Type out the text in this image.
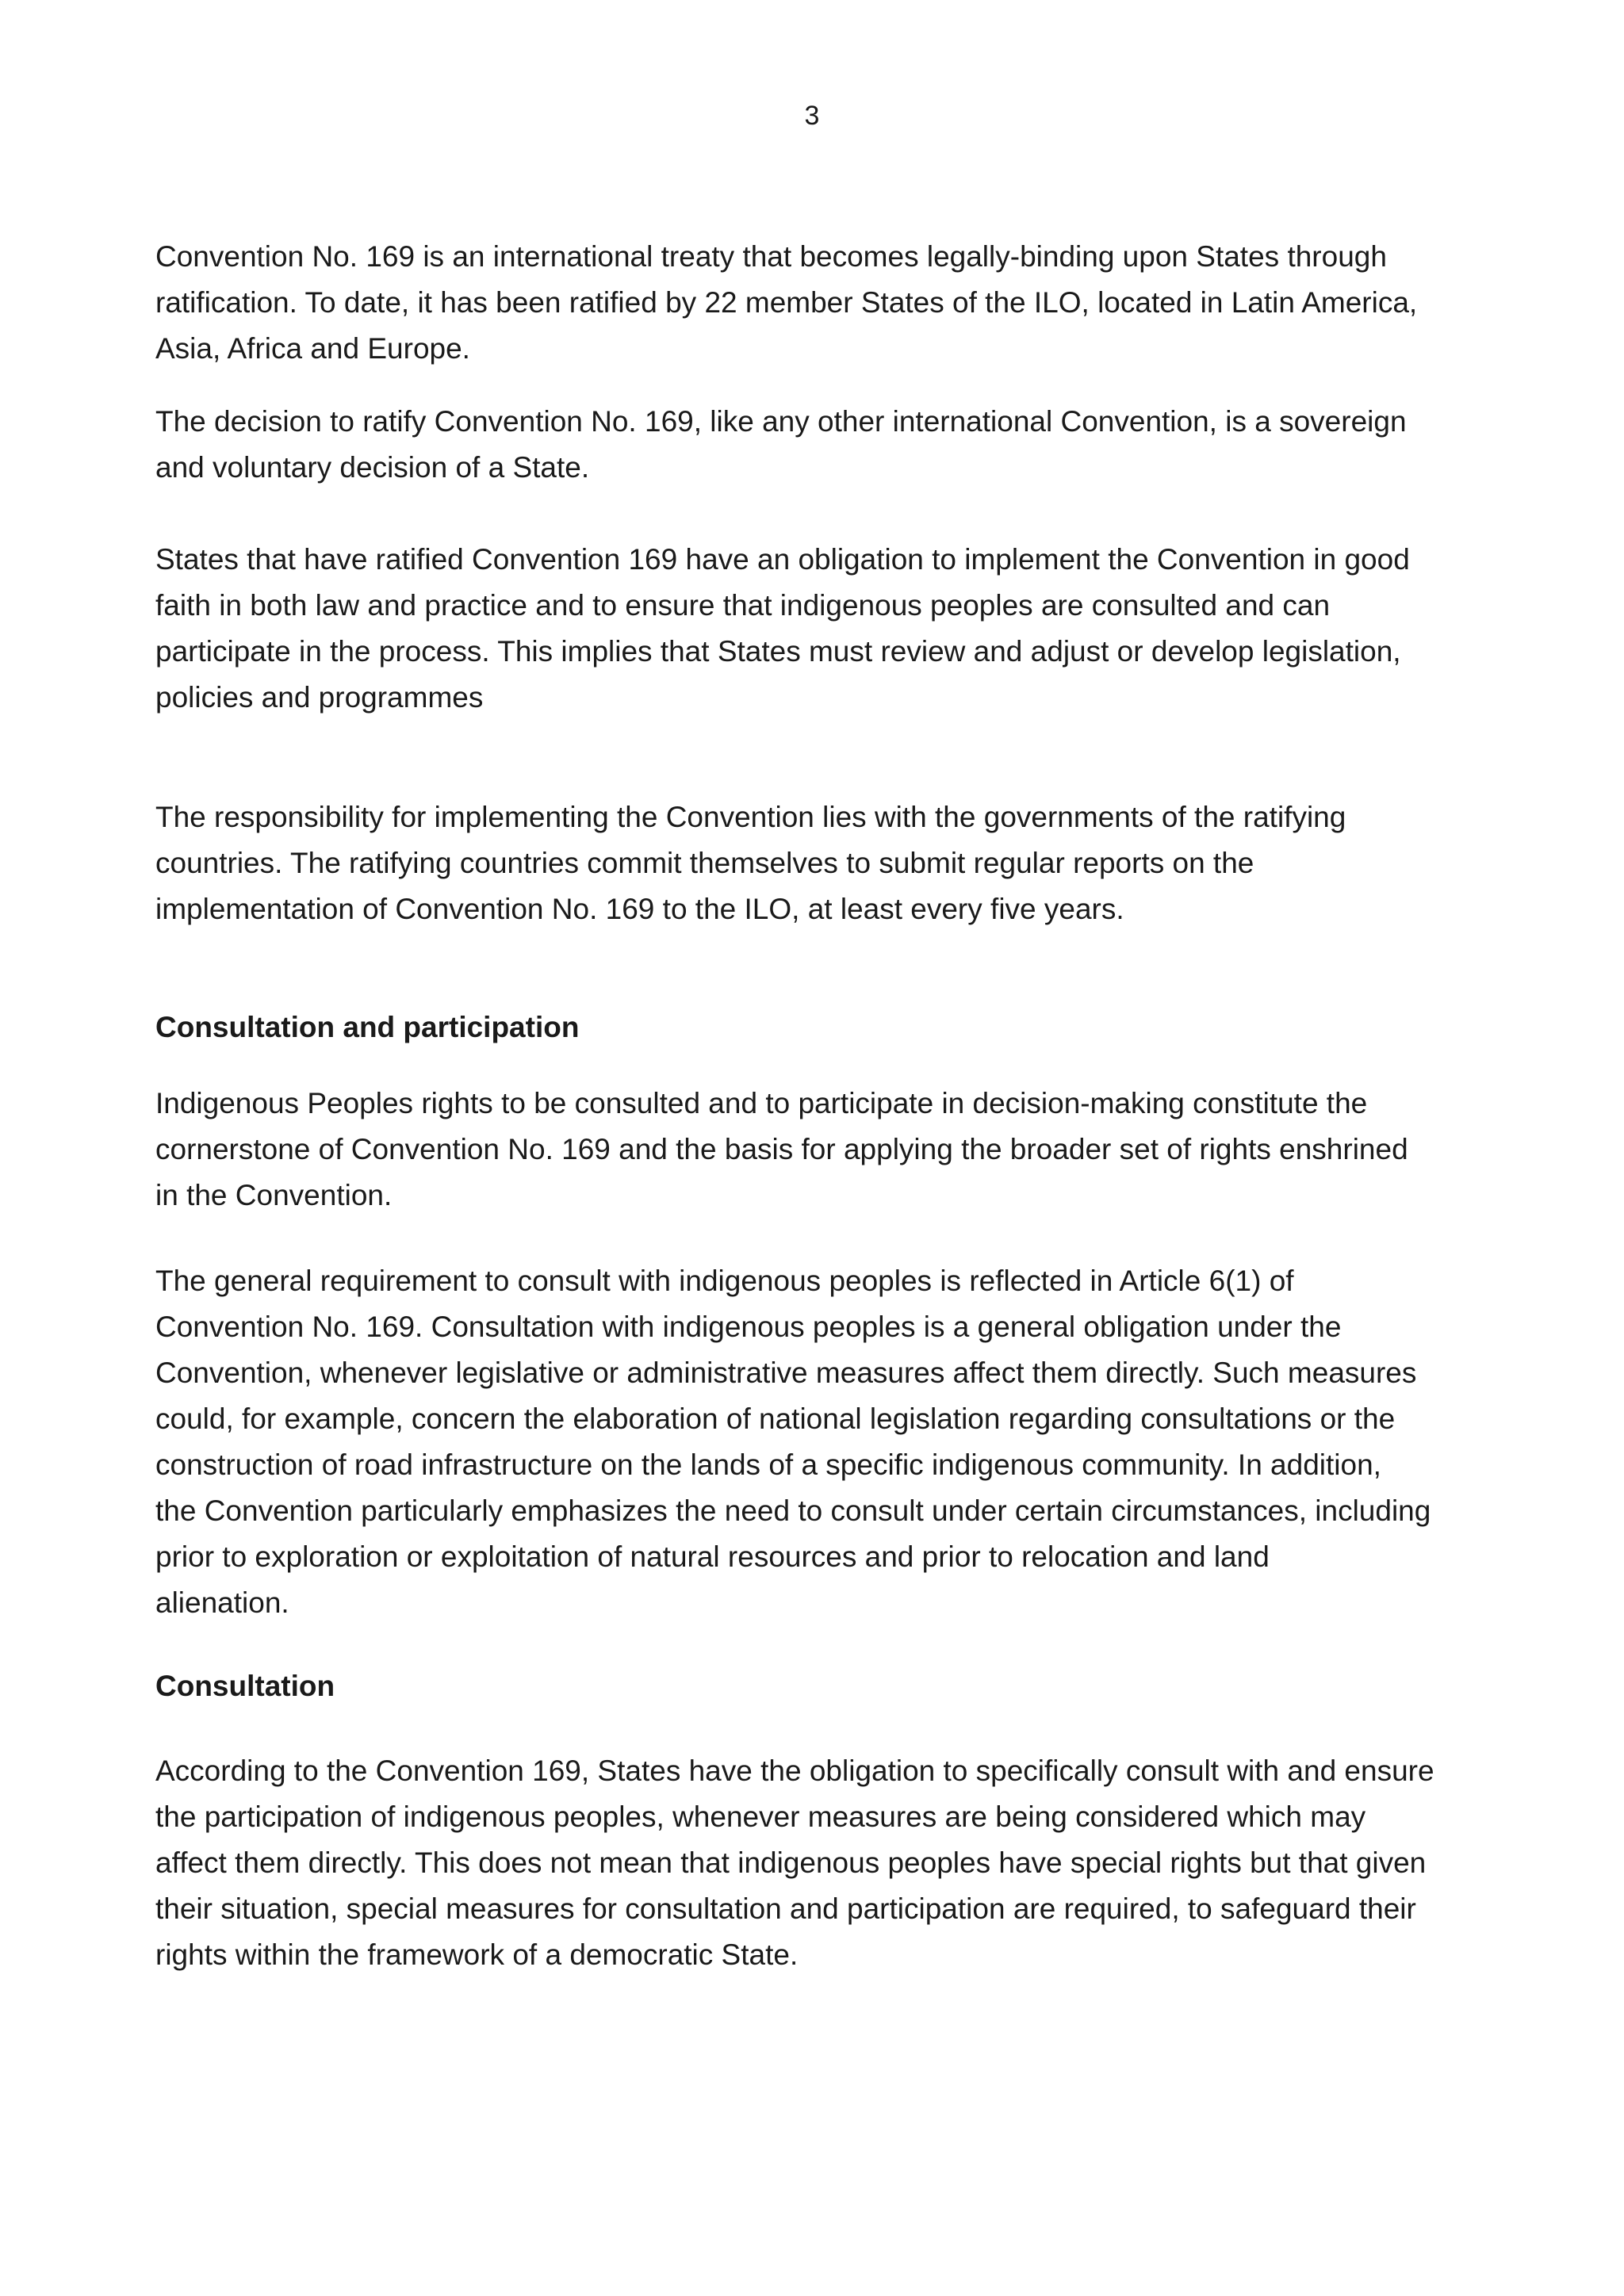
3

Convention No. 169 is an international treaty that becomes legally-binding upon States through
ratification. To date, it has been ratified by 22 member States of the ILO, located in Latin America,
Asia, Africa and Europe.

The decision to ratify Convention No. 169, like any other international Convention, is a sovereign
and voluntary decision of a State.

States that have ratified Convention 169 have an obligation to implement the Convention in good
faith in both law and practice and to ensure that indigenous peoples are consulted and can
participate in the process. This implies that States must review and adjust or develop legislation,
policies and programmes

The responsibility for implementing the Convention lies with the governments of the ratifying
countries. The ratifying countries commit themselves to submit regular reports on the
implementation of Convention No. 169 to the ILO, at least every five years.

Consultation and participation

Indigenous Peoples rights to be consulted and to participate in decision-making constitute the
cornerstone of Convention No. 169 and the basis for applying the broader set of rights enshrined
in the Convention.

The general requirement to consult with indigenous peoples is reflected in Article 6(1) of
Convention No. 169. Consultation with indigenous peoples is a general obligation under the
Convention, whenever legislative or administrative measures affect them directly. Such measures
could, for example, concern the elaboration of national legislation regarding consultations or the
construction of road infrastructure on the lands of a specific indigenous community. In addition,
the Convention particularly emphasizes the need to consult under certain circumstances, including
prior to exploration or exploitation of natural resources and prior to relocation and land
alienation.

Consultation

According to the Convention 169, States have the obligation to specifically consult with and ensure
the participation of indigenous peoples, whenever measures are being considered which may
affect them directly. This does not mean that indigenous peoples have special rights but that given
their situation, special measures for consultation and participation are required, to safeguard their
rights within the framework of a democratic State.
